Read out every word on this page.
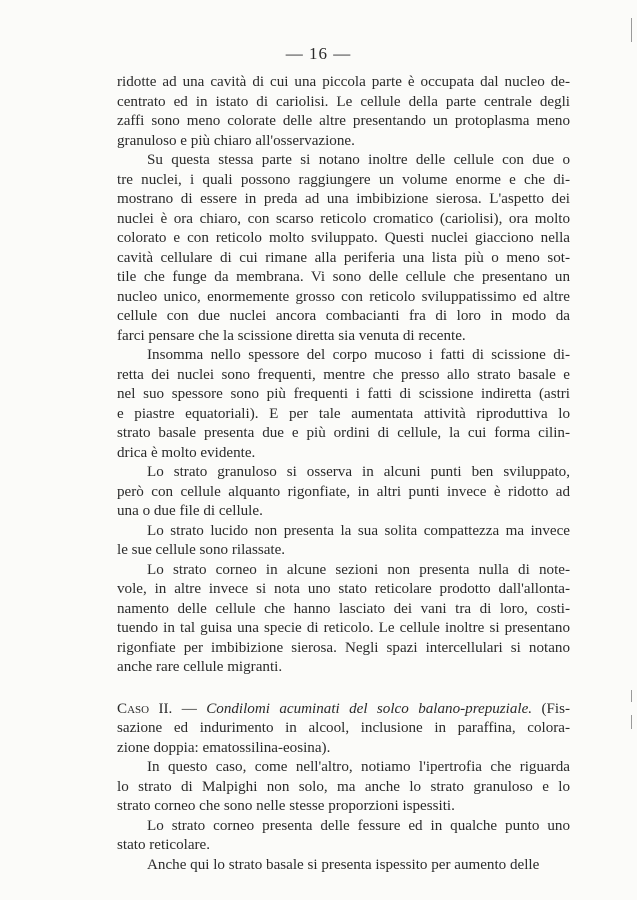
— 16 —

ridotte ad una cavità di cui una piccola parte è occupata dal nucleo de-

centrato ed in istato di cariolisi. Le cellule della parte centrale degli

zaffi sono meno colorate delle altre presentando un protoplasma meno

granuloso e più chiaro all'osservazione.

Su questa stessa parte si notano inoltre delle cellule con due o

tre nuclei, i quali possono raggiungere un volume enorme e che di-

mostrano di essere in preda ad una imbibizione sierosa. L'aspetto dei

nuclei è ora chiaro, con scarso reticolo cromatico (cariolisi), ora molto

colorato e con reticolo molto sviluppato. Questi nuclei giacciono nella

cavità cellulare di cui rimane alla periferia una lista più o meno sot-

tile che funge da membrana. Vi sono delle cellule che presentano un

nucleo unico, enormemente grosso con reticolo sviluppatissimo ed altre

cellule con due nuclei ancora combacianti fra di loro in modo da

farci pensare che la scissione diretta sia venuta di recente.

Insomma nello spessore del corpo mucoso i fatti di scissione di-

retta dei nuclei sono frequenti, mentre che presso allo strato basale e

nel suo spessore sono più frequenti i fatti di scissione indiretta (astri

e piastre equatoriali). E per tale aumentata attività riproduttiva lo

strato basale presenta due e più ordini di cellule, la cui forma cilin-

drica è molto evidente.

Lo strato granuloso si osserva in alcuni punti ben sviluppato,

però con cellule alquanto rigonfiate, in altri punti invece è ridotto ad

una o due file di cellule.

Lo strato lucido non presenta la sua solita compattezza ma invece

le sue cellule sono rilassate.

Lo strato corneo in alcune sezioni non presenta nulla di note-

vole, in altre invece si nota uno stato reticolare prodotto dall'allonta-

namento delle cellule che hanno lasciato dei vani tra di loro, costi-

tuendo in tal guisa una specie di reticolo. Le cellule inoltre si presentano

rigonfiate per imbibizione sierosa. Negli spazi intercellulari si notano

anche rare cellule migranti.

Caso II. — Condilomi acuminati del solco balano-prepuziale. (Fis-

sazione ed indurimento in alcool, inclusione in paraffina, colora-

zione doppia: ematossilina-eosina).

In questo caso, come nell'altro, notiamo l'ipertrofia che riguarda

lo strato di Malpighi non solo, ma anche lo strato granuloso e lo

strato corneo che sono nelle stesse proporzioni ispessiti.

Lo strato corneo presenta delle fessure ed in qualche punto uno

stato reticolare.

Anche qui lo strato basale si presenta ispessito per aumento delle
